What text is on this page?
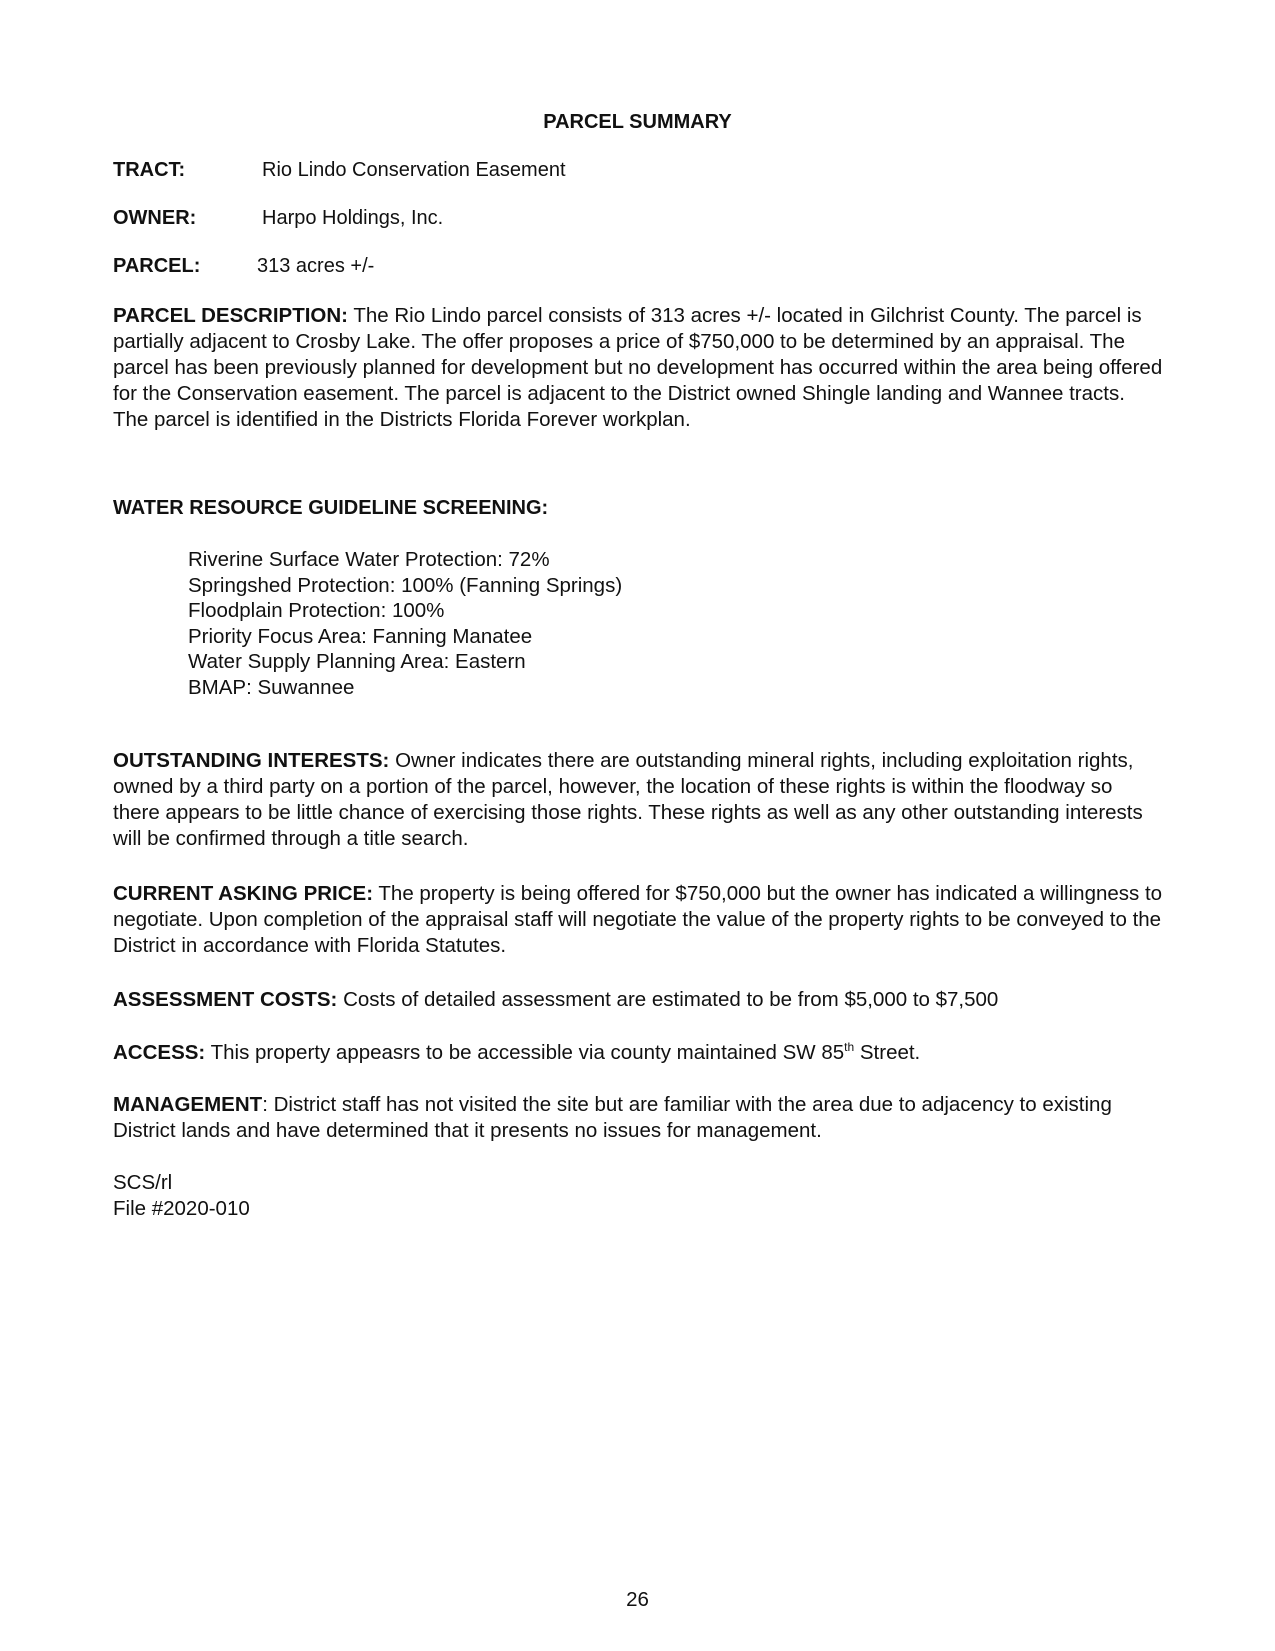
PARCEL SUMMARY
TRACT:	Rio Lindo Conservation Easement
OWNER:	Harpo Holdings, Inc.
PARCEL:	313 acres +/-
PARCEL DESCRIPTION: The Rio Lindo parcel consists of 313 acres +/- located in Gilchrist County. The parcel is partially adjacent to Crosby Lake. The offer proposes a price of $750,000 to be determined by an appraisal. The parcel has been previously planned for development but no development has occurred within the area being offered for the Conservation easement. The parcel is adjacent to the District owned Shingle landing and Wannee tracts. The parcel is identified in the Districts Florida Forever workplan.
WATER RESOURCE GUIDELINE SCREENING:
Riverine Surface Water Protection: 72%
Springshed Protection: 100% (Fanning Springs)
Floodplain Protection: 100%
Priority Focus Area: Fanning Manatee
Water Supply Planning Area: Eastern
BMAP: Suwannee
OUTSTANDING INTERESTS: Owner indicates there are outstanding mineral rights, including exploitation rights, owned by a third party on a portion of the parcel, however, the location of these rights is within the floodway so there appears to be little chance of exercising those rights. These rights as well as any other outstanding interests will be confirmed through a title search.
CURRENT ASKING PRICE: The property is being offered for $750,000 but the owner has indicated a willingness to negotiate. Upon completion of the appraisal staff will negotiate the value of the property rights to be conveyed to the District in accordance with Florida Statutes.
ASSESSMENT COSTS: Costs of detailed assessment are estimated to be from $5,000 to $7,500
ACCESS: This property appeasrs to be accessible via county maintained SW 85th Street.
MANAGEMENT: District staff has not visited the site but are familiar with the area due to adjacency to existing District lands and have determined that it presents no issues for management.
SCS/rl
File #2020-010
26
